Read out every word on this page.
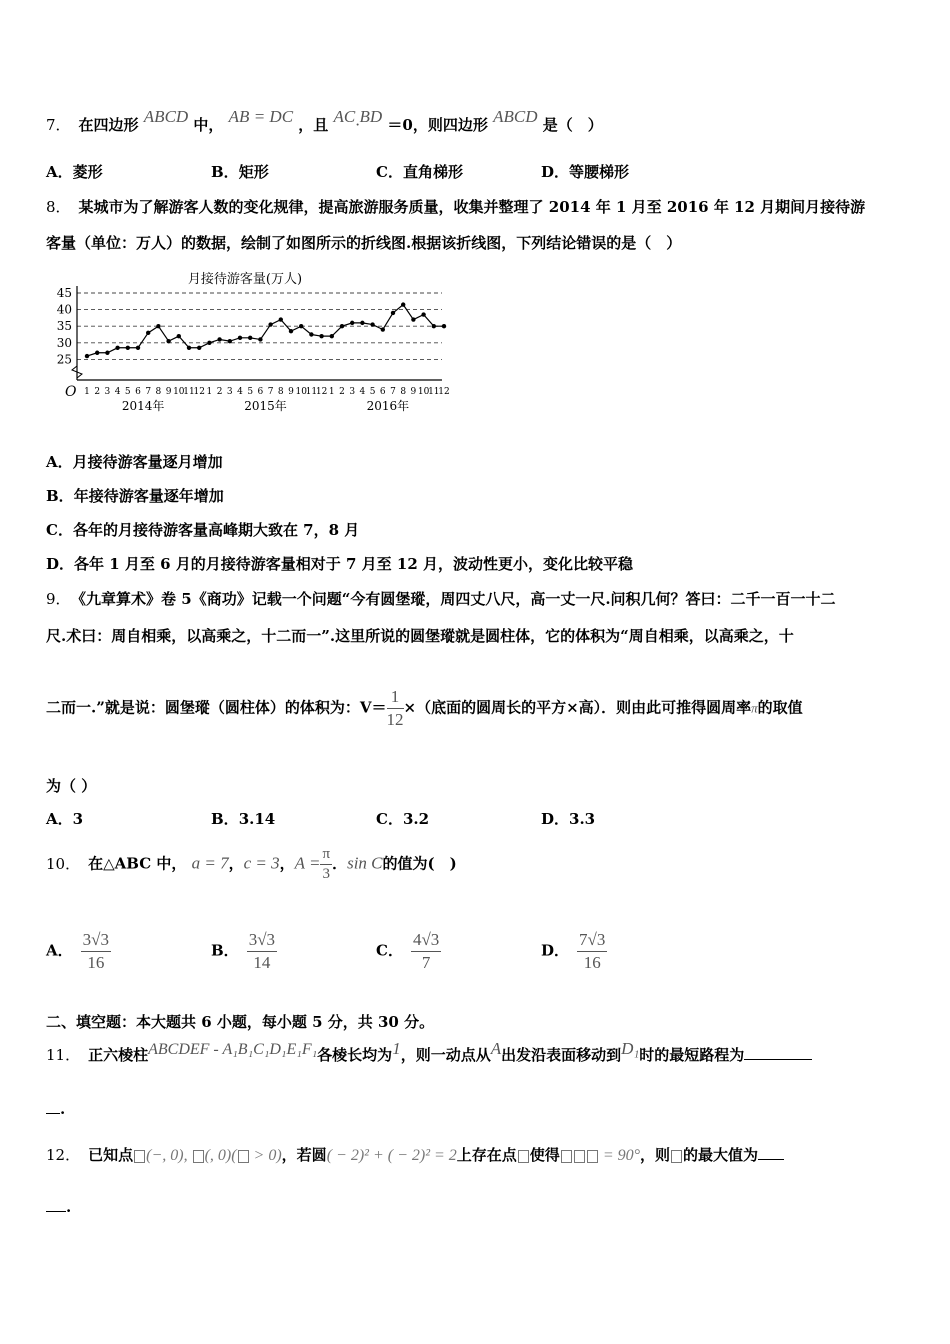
7． 在四边形 ABCD 中， AB = DC ，且 AC·BD ＝0，则四边形 ABCD 是（　）
A．菱形	B．矩形	C．直角梯形	D．等腰梯形
8． 某城市为了解游客人数的变化规律，提高旅游服务质量，收集并整理了 2014 年 1 月至 2016 年 12 月期间月接待游
客量（单位：万人）的数据，绘制了如图所示的折线图.根据该折线图，下列结论错误的是（　）
月接待游客量(万人)
25
30
35
40
45
O 1 2 3 4 5 6 7 8 9 10
11
12 1 2 3 4 5 6 7 8 9 10
11
12 1 2 3 4 5 6 7 8 9 10
11
12
2014年	2015年	2016年
A．月接待游客量逐月增加
B．年接待游客量逐年增加
C．各年的月接待游客量高峰期大致在 7，8 月
D．各年 1 月至 6 月的月接待游客量相对于 7 月至 12 月，波动性更小，变化比较平稳
9． 《九章算术》卷 5《商功》记载一个问题“今有圆堡瑽，周四丈八尺，高一丈一尺.问积几何？答曰：二千一百一十二
尺.术曰：周自相乘，以高乘之，十二而一”.这里所说的圆堡瑽就是圆柱体，它的体积为“周自相乘，以高乘之，十
二而一.”就是说：圆堡瑽（圆柱体）的体积为：$V= \frac{1}{12}$ ×（底面的圆周长的平方×高）．则由此可推得圆周率π的取值
为（ ）
A．3	B．3.14	C．3.2	D．3.3
10． 在△ABC 中， a = 7，c = 3，$A = \frac{\pi}{3}$ ．sin C的值为(　)
A． $\frac{3√3}{16}$	B． $\frac{3√3}{14}$	C． $\frac{4√3}{7}$	D． $\frac{7√3}{16}$
二、填空题：本大题共 6 小题，每小题 5 分，共 30 分。
11． 正六棱柱ABCDEF - A₁B₁C₁D₁E₁F₁各棱长均为1，则一动点从A出发沿表面移动到D₁时的最短路程为
.
12． 已知点 (−, 0), (, 0)( > 0)，若圆( − 2)² + ( − 2)² = 2上存在点 使得 = 90°，则 的最大值为
.
